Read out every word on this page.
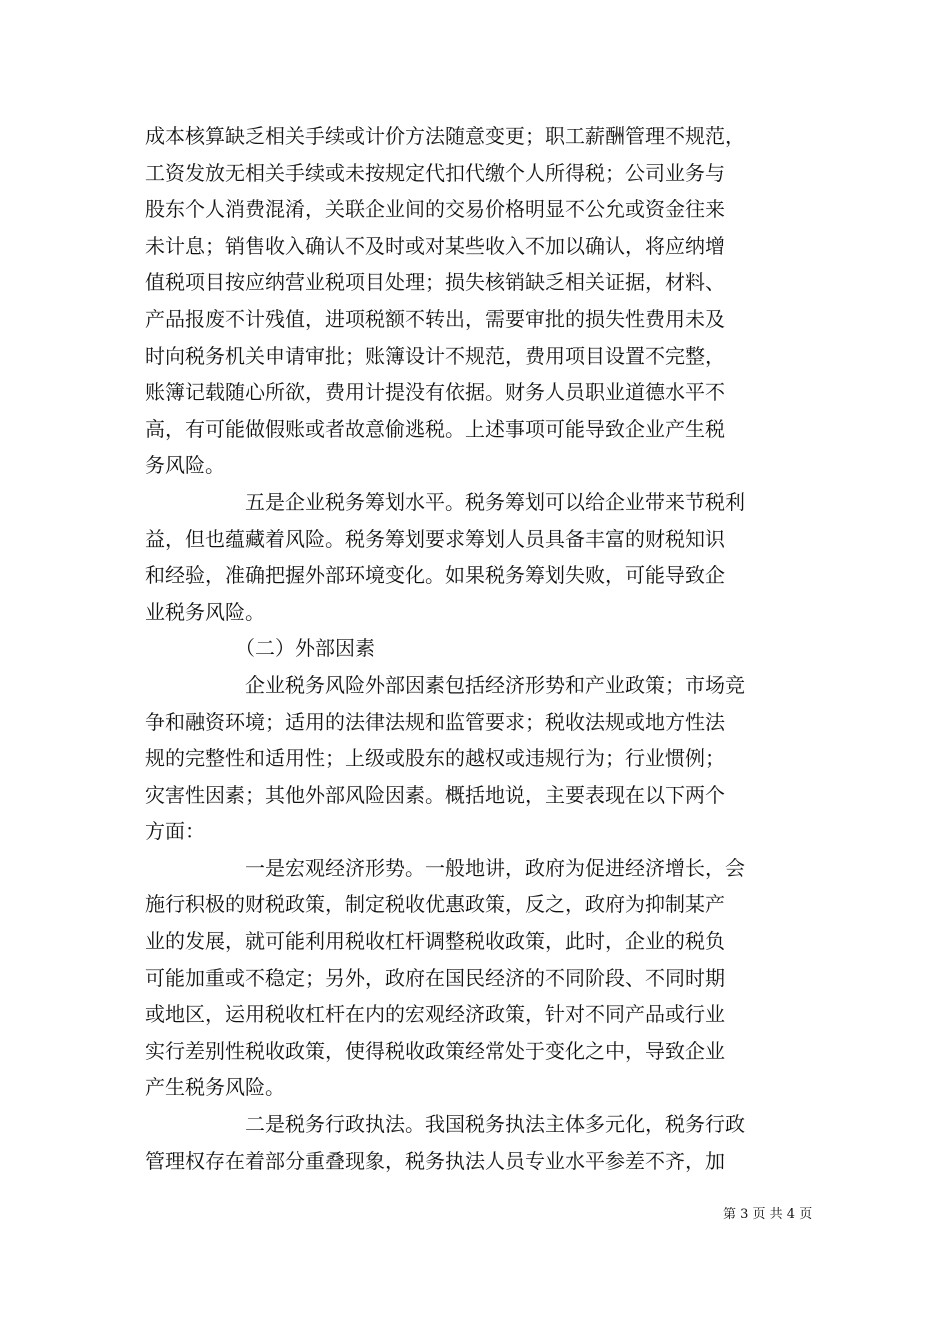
成本核算缺乏相关手续或计价方法随意变更；职工薪酬管理不规范，
工资发放无相关手续或未按规定代扣代缴个人所得税；公司业务与
股东个人消费混淆，关联企业间的交易价格明显不公允或资金往来
未计息；销售收入确认不及时或对某些收入不加以确认，将应纳增
值税项目按应纳营业税项目处理；损失核销缺乏相关证据，材料、
产品报废不计残值，进项税额不转出，需要审批的损失性费用未及
时向税务机关申请审批；账簿设计不规范，费用项目设置不完整，
账簿记载随心所欲，费用计提没有依据。财务人员职业道德水平不
高，有可能做假账或者故意偷逃税。上述事项可能导致企业产生税
务风险。
五是企业税务筹划水平。税务筹划可以给企业带来节税利
益，但也蕴藏着风险。税务筹划要求筹划人员具备丰富的财税知识
和经验，准确把握外部环境变化。如果税务筹划失败，可能导致企
业税务风险。
（二）外部因素
企业税务风险外部因素包括经济形势和产业政策；市场竞
争和融资环境；适用的法律法规和监管要求；税收法规或地方性法
规的完整性和适用性；上级或股东的越权或违规行为；行业惯例；
灾害性因素；其他外部风险因素。概括地说，主要表现在以下两个
方面：
一是宏观经济形势。一般地讲，政府为促进经济增长，会
施行积极的财税政策，制定税收优惠政策，反之，政府为抑制某产
业的发展，就可能利用税收杠杆调整税收政策，此时，企业的税负
可能加重或不稳定；另外，政府在国民经济的不同阶段、不同时期
或地区，运用税收杠杆在内的宏观经济政策，针对不同产品或行业
实行差别性税收政策，使得税收政策经常处于变化之中，导致企业
产生税务风险。
二是税务行政执法。我国税务执法主体多元化，税务行政
管理权存在着部分重叠现象，税务执法人员专业水平参差不齐，加
第 3 页 共 4 页
